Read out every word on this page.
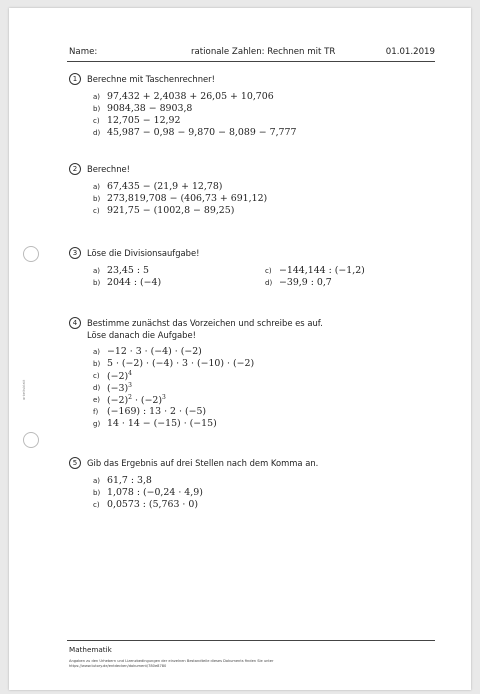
arbeitsblatt
Name:	rationale Zahlen: Rechnen mit TR	01.01.2019
1	Berechne mit Taschenrechner!
a) 97,432 + 2,4038 + 26,05 + 10,706
b) 9084,38 − 8903,8
c) 12,705 − 12,92
d) 45,987 − 0,98 − 9,870 − 8,089 − 7,777
2	Berechne!
a) 67,435 − (21,9 + 12,78)
b) 273,819,708 − (406,73 + 691,12)
c) 921,75 − (1002,8 − 89,25)
3	Löse die Divisionsaufgabe!
a) 23,45 : 5
b) 2044 : (−4)
c) −144,144 : (−1,2)
d) −39,9 : 0,7
4	Bestimme zunächst das Vorzeichen und schreibe es auf.
Löse danach die Aufgabe!
a) −12 · 3 · (−4) · (−2)
b) 5 · (−2) · (−4) · 3 · (−10) · (−2)
c) $(-2)^4$
d) $(-3)^3$
e) $(-2)^2 \cdot (-2)^3$
f) (−169) : 13 · 2 · (−5)
g) 14 · 14 − (−15) · (−15)
5	Gib das Ergebnis auf drei Stellen nach dem Komma an.
a) 61,7 : 3,8
b) 1,078 : (−0,24 · 4,9)
c) 0,0573 : (5,763 · 0)
Mathematik
Angaben zu den Urhebern und Lizenzbedingungen der einzelnen Bestandteile dieses Dokuments finden Sie unter
https://www.tutory.de/entdecken/dokument/780e8780
